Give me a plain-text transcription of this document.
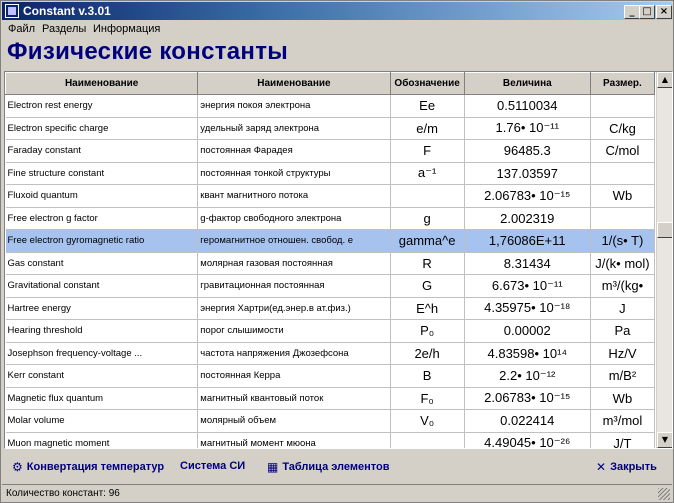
Constant v.3.01	_ □ ×
Файл Разделы Информация
Физические константы
Наименование	Наименование	Обозначение	Величина	Размер.
Electron rest energy	энергия покоя электрона	Ee	0.5110034	
Electron specific charge	удельный заряд электрона	e/m	1.76• 10⁻¹¹	C/kg
Faraday constant	постоянная Фарадея	F	96485.3	C/mol
Fine structure constant	постоянная тонкой структуры	a⁻¹	137.03597	
Fluxoid quantum	квант магнитного потока		2.06783• 10⁻¹⁵	Wb
Free electron g factor	g-фактор свободного электрона	g	2.002319	
Free electron gyromagnetic ratio	геромагнитное отношен. свобод. е	gamma^e	1,76086E+11	1/(s• T)
Gas constant	молярная газовая постоянная	R	8.31434	J/(k• mol)
Gravitational constant	гравитационная постоянная	G	6.673• 10⁻¹¹	m³/(kg•
Hartree energy	энергия Хартри(ед.энер.в ат.физ.)	E^h	4.35975• 10⁻¹⁸	J
Hearing threshold	порог слышимости	P₀	0.00002	Pa
Josephson frequency-voltage ...	частота напряжения Джозефсона	2e/h	4.83598• 10¹⁴	Hz/V
Kerr constant	постоянная Керра	B	2.2• 10⁻¹²	m/B²
Magnetic flux quantum	магнитный квантовый поток	F₀	2.06783• 10⁻¹⁵	Wb
Molar volume	молярный объем	V₀	0.022414	m³/mol
Muon magnetic moment	магнитный момент мюона		4.49045• 10⁻²⁶	J/T
▲
▼
⚙ Конвертация температур Система СИ ▦ Таблица элементов	✕ Закрыть
Количество констант: 96
